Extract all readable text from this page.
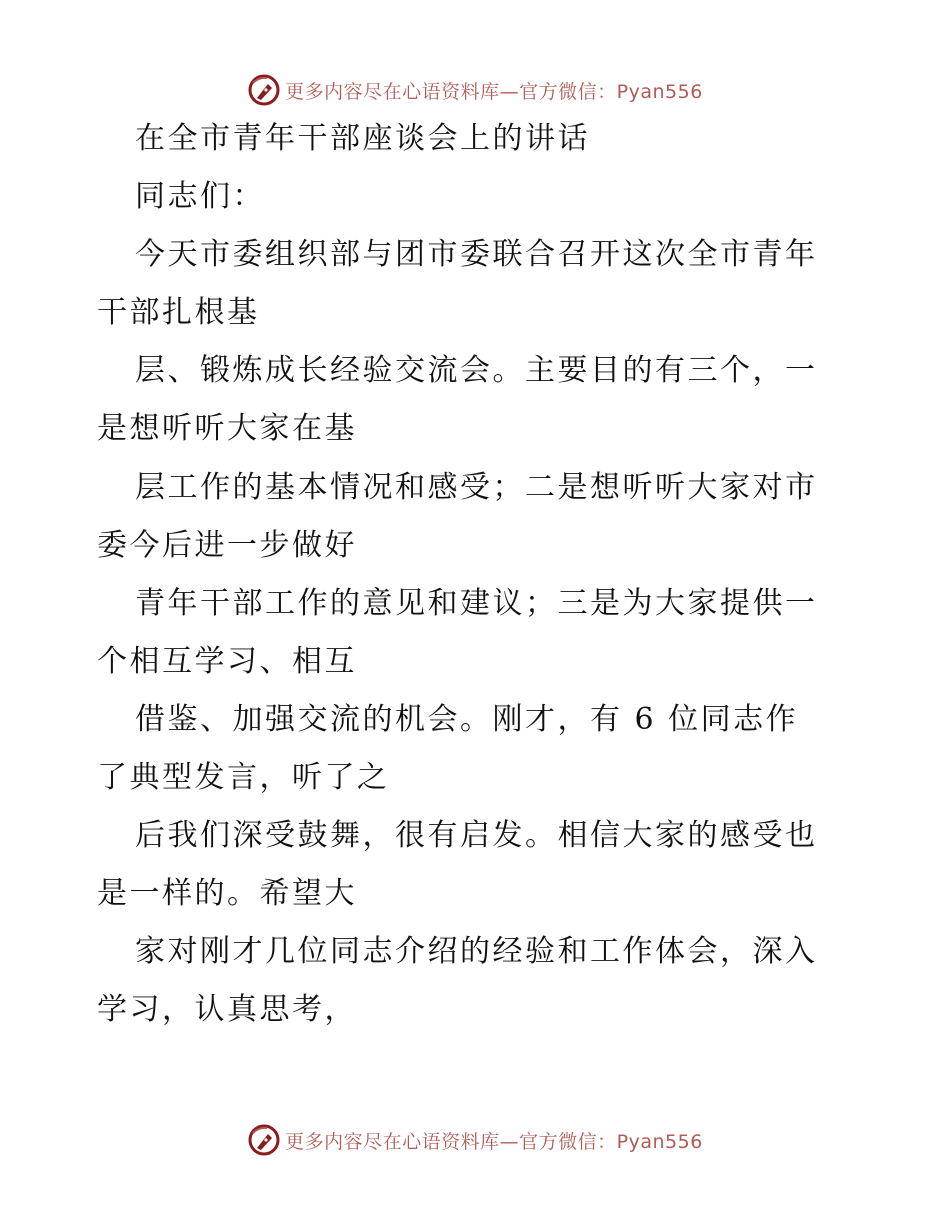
更多内容尽在心语资料库—官方微信：Pyan556

在全市青年干部座谈会上的讲话

同志们：

今天市委组织部与团市委联合召开这次全市青年

干部扎根基

层、锻炼成长经验交流会。主要目的有三个，一

是想听听大家在基

层工作的基本情况和感受；二是想听听大家对市

委今后进一步做好

青年干部工作的意见和建议；三是为大家提供一

个相互学习、相互

借鉴、加强交流的机会。刚才，有 6 位同志作

了典型发言，听了之

后我们深受鼓舞，很有启发。相信大家的感受也

是一样的。希望大

家对刚才几位同志介绍的经验和工作体会，深入

学习，认真思考，

更多内容尽在心语资料库—官方微信：Pyan556
